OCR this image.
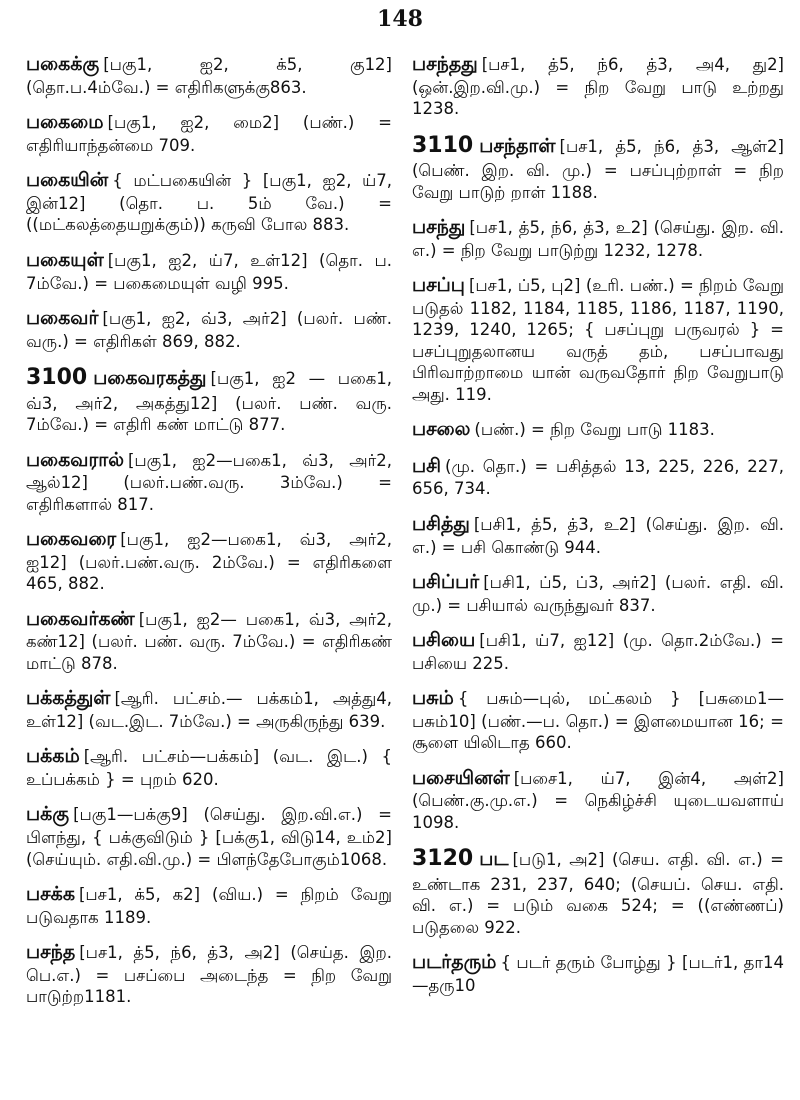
148
பகைக்கு [பகு1, ஐ2, க்5, கு12] (தொ.ப.4ம்வே.) = எதிரிகளுக்கு863.
பகைமை [பகு1, ஐ2, மை2] (பண்.) = எதிரியாந்தன்மை 709.
பகையின் { மட்பகையின் } [பகு1, ஐ2, ய்7, இன்12] (தொ. ப. 5ம் வே.) = ((மட்கலத்தையறுக்கும்)) கருவி போல 883.
பகையுள் [பகு1, ஐ2, ய்7, உள்12] (தொ. ப. 7ம்வே.) = பகைமையுள் வழி 995.
பகைவர் [பகு1, ஐ2, வ்3, அர்2] (பலர். பண். வரு.) = எதிரிகள் 869, 882.
3100 பகைவரகத்து [பகு1, ஐ2 — பகை1, வ்3, அர்2, அகத்து12] (பலர். பண். வரு. 7ம்வே.) = எதிரி கண் மாட்டு 877.
பகைவரால் [பகு1, ஐ2—பகை1, வ்3, அர்2, ஆல்12] (பலர்.பண்.வரு. 3ம்வே.) = எதிரிகளால் 817.
பகைவரை [பகு1, ஐ2—பகை1, வ்3, அர்2, ஐ12] (பலர்.பண்.வரு. 2ம்வே.) = எதிரிகளை 465, 882.
பகைவர்கண் [பகு1, ஐ2— பகை1, வ்3, அர்2, கண்12] (பலர். பண். வரு. 7ம்வே.) = எதிரிகண் மாட்டு 878.
பக்கத்துள் [ஆரி. பட்சம்.— பக்கம்1, அத்து4, உள்12] (வட.இட. 7ம்வே.) = அருகிருந்து 639.
பக்கம் [ஆரி. பட்சம்—பக்கம்] (வட. இட.) { உப்பக்கம் } = புறம் 620.
பக்கு [பகு1—பக்கு9] (செய்து. இற.வி.எ.) = பிளந்து, { பக்குவிடும் } [பக்கு1, விடு14, உம்2] (செய்யும். எதி.வி.மு.) = பிளந்தேபோகும்1068.
பசக்க [பச1, க்5, க2] (விய.) = நிறம் வேறு படுவதாக 1189.
பசந்த [பச1, த்5, ந்6, த்3, அ2] (செய்த. இற. பெ.எ.) = பசப்பை அடைந்த = நிற வேறு பாடுற்ற1181.
பசந்தது [பச1, த்5, ந்6, த்3, அ4, து2] (ஒன்.இற.வி.மு.) = நிற வேறு பாடு உற்றது 1238.
3110 பசந்தாள் [பச1, த்5, ந்6, த்3, ஆள்2] (பெண். இற. வி. மு.) = பசப்புற்றாள் = நிற வேறு பாடுற் றாள் 1188.
பசந்து [பச1, த்5, ந்6, த்3, உ2] (செய்து. இற. வி. எ.) = நிற வேறு பாடுற்று 1232, 1278.
பசப்பு [பச1, ப்5, பு2] (உரி. பண்.) = நிறம் வேறு படுதல் 1182, 1184, 1185, 1186, 1187, 1190, 1239, 1240, 1265; { பசப்புறு பருவரல் } = பசப்புறுதலானய வருத் தம், பசப்பாவது பிரிவாற்றாமை யான் வருவதோர் நிற வேறுபாடு அது. 119.
பசலை (பண்.) = நிற வேறு பாடு 1183.
பசி (மு. தொ.) = பசித்தல் 13, 225, 226, 227, 656, 734.
பசித்து [பசி1, த்5, த்3, உ2] (செய்து. இற. வி. எ.) = பசி கொண்டு 944.
பசிப்பர் [பசி1, ப்5, ப்3, அர்2] (பலர். எதி. வி. மு.) = பசியால் வருந்துவர் 837.
பசியை [பசி1, ய்7, ஐ12] (மு. தொ.2ம்வே.) = பசியை 225.
பசும் { பசும்—புல், மட்கலம் } [பசுமை1—பசும்10] (பண்.—ப. தொ.) = இளமையான 16; = சூளை யிலிடாத 660.
பசையினள் [பசை1, ய்7, இன்4, அள்2] (பெண்.கு.மு.எ.) = நெகிழ்ச்சி யுடையவளாய் 1098.
3120 பட [படு1, அ2] (செய. எதி. வி. எ.) = உண்டாக 231, 237, 640; (செயப். செய. எதி. வி. எ.) = படும் வகை 524; = ((எண்ணப்) படுதலை 922.
படர்தரும் { படர் தரும் போழ்து } [படர்1, தா14—தரு10
